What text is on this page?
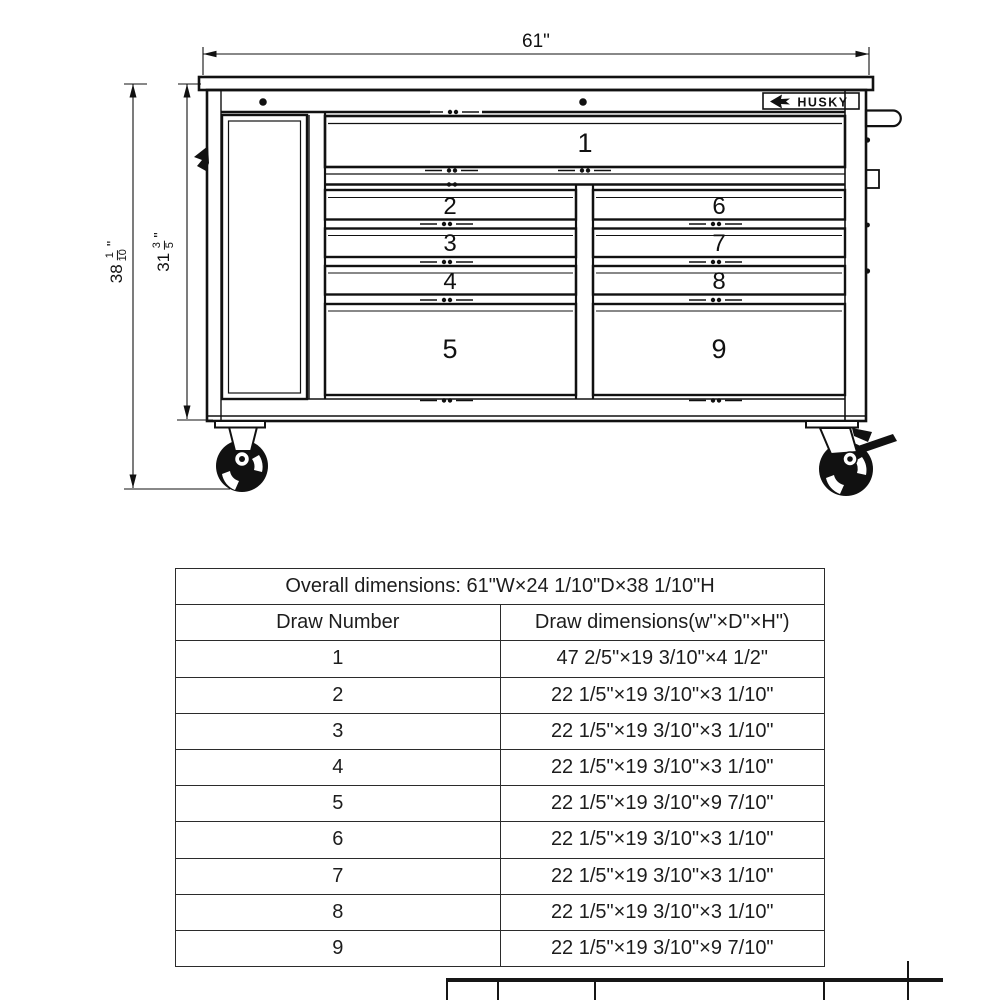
61"
HUSKY
1
2
3
4
5
6
7
8
9
38
1 10
"
31
3 5
"
Overall dimensions: 61"W×24 1/10"D×38 1/10"H	
Draw Number	Draw dimensions(w"×D"×H")
1	47 2/5"×19 3/10"×4 1/2"
2	22 1/5"×19 3/10"×3 1/10"
3	22 1/5"×19 3/10"×3 1/10"
4	22 1/5"×19 3/10"×3 1/10"
5	22 1/5"×19 3/10"×9 7/10"
6	22 1/5"×19 3/10"×3 1/10"
7	22 1/5"×19 3/10"×3 1/10"
8	22 1/5"×19 3/10"×3 1/10"
9	22 1/5"×19 3/10"×9 7/10"
